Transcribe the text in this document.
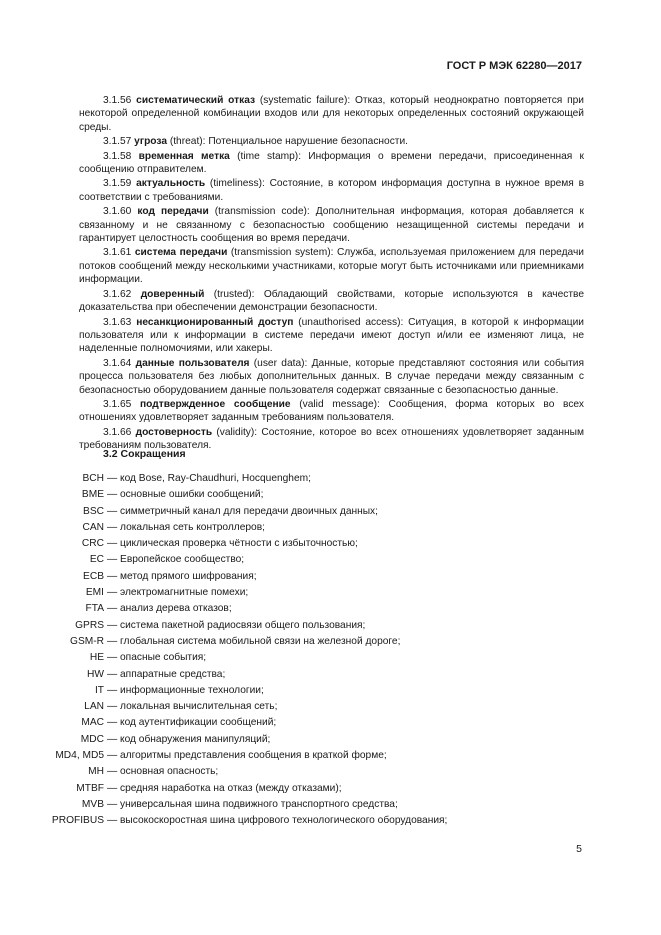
ГОСТ Р МЭК 62280—2017

3.1.56 систематический отказ (systematic failure): Отказ, который неоднократно повторяется при некоторой определенной комбинации входов или для некоторых определенных состояний окружающей среды.

3.1.57 угроза (threat): Потенциальное нарушение безопасности.

3.1.58 временная метка (time stamp): Информация о времени передачи, присоединенная к сообщению отправителем.

3.1.59 актуальность (timeliness): Состояние, в котором информация доступна в нужное время в соответствии с требованиями.

3.1.60 код передачи (transmission code): Дополнительная информация, которая добавляется к связанному и не связанному с безопасностью сообщению незащищенной системы передачи и гарантирует целостность сообщения во время передачи.

3.1.61 система передачи (transmission system): Служба, используемая приложением для передачи потоков сообщений между несколькими участниками, которые могут быть источниками или приемниками информации.

3.1.62 доверенный (trusted): Обладающий свойствами, которые используются в качестве доказательства при обеспечении демонстрации безопасности.

3.1.63 несанкционированный доступ (unauthorised access): Ситуация, в которой к информации пользователя или к информации в системе передачи имеют доступ и/или ее изменяют лица, не наделенные полномочиями, или хакеры.

3.1.64 данные пользователя (user data): Данные, которые представляют состояния или события процесса пользователя без любых дополнительных данных. В случае передачи между связанным с безопасностью оборудованием данные пользователя содержат связанные с безопасностью данные.

3.1.65 подтвержденное сообщение (valid message): Сообщения, форма которых во всех отношениях удовлетворяет заданным требованиям пользователя.

3.1.66 достоверность (validity): Состояние, которое во всех отношениях удовлетворяет заданным требованиям пользователя.

3.2 Сокращения
BCH — код Bose, Ray-Chaudhuri, Hocquenghem;
BME — основные ошибки сообщений;
BSC — симметричный канал для передачи двоичных данных;
CAN — локальная сеть контроллеров;
CRC — циклическая проверка чётности с избыточностью;
EC — Европейское сообщество;
ECB — метод прямого шифрования;
EMI — электромагнитные помехи;
FTA — анализ дерева отказов;
GPRS — система пакетной радиосвязи общего пользования;
GSM-R — глобальная система мобильной связи на железной дороге;
HE — опасные события;
HW — аппаратные средства;
IT — информационные технологии;
LAN — локальная вычислительная сеть;
MAC — код аутентификации сообщений;
MDC — код обнаружения манипуляций;
MD4, MD5 — алгоритмы представления сообщения в краткой форме;
MH — основная опасность;
MTBF — средняя наработка на отказ (между отказами);
MVB — универсальная шина подвижного транспортного средства;
PROFIBUS — высокоскоростная шина цифрового технологического оборудования;
5
